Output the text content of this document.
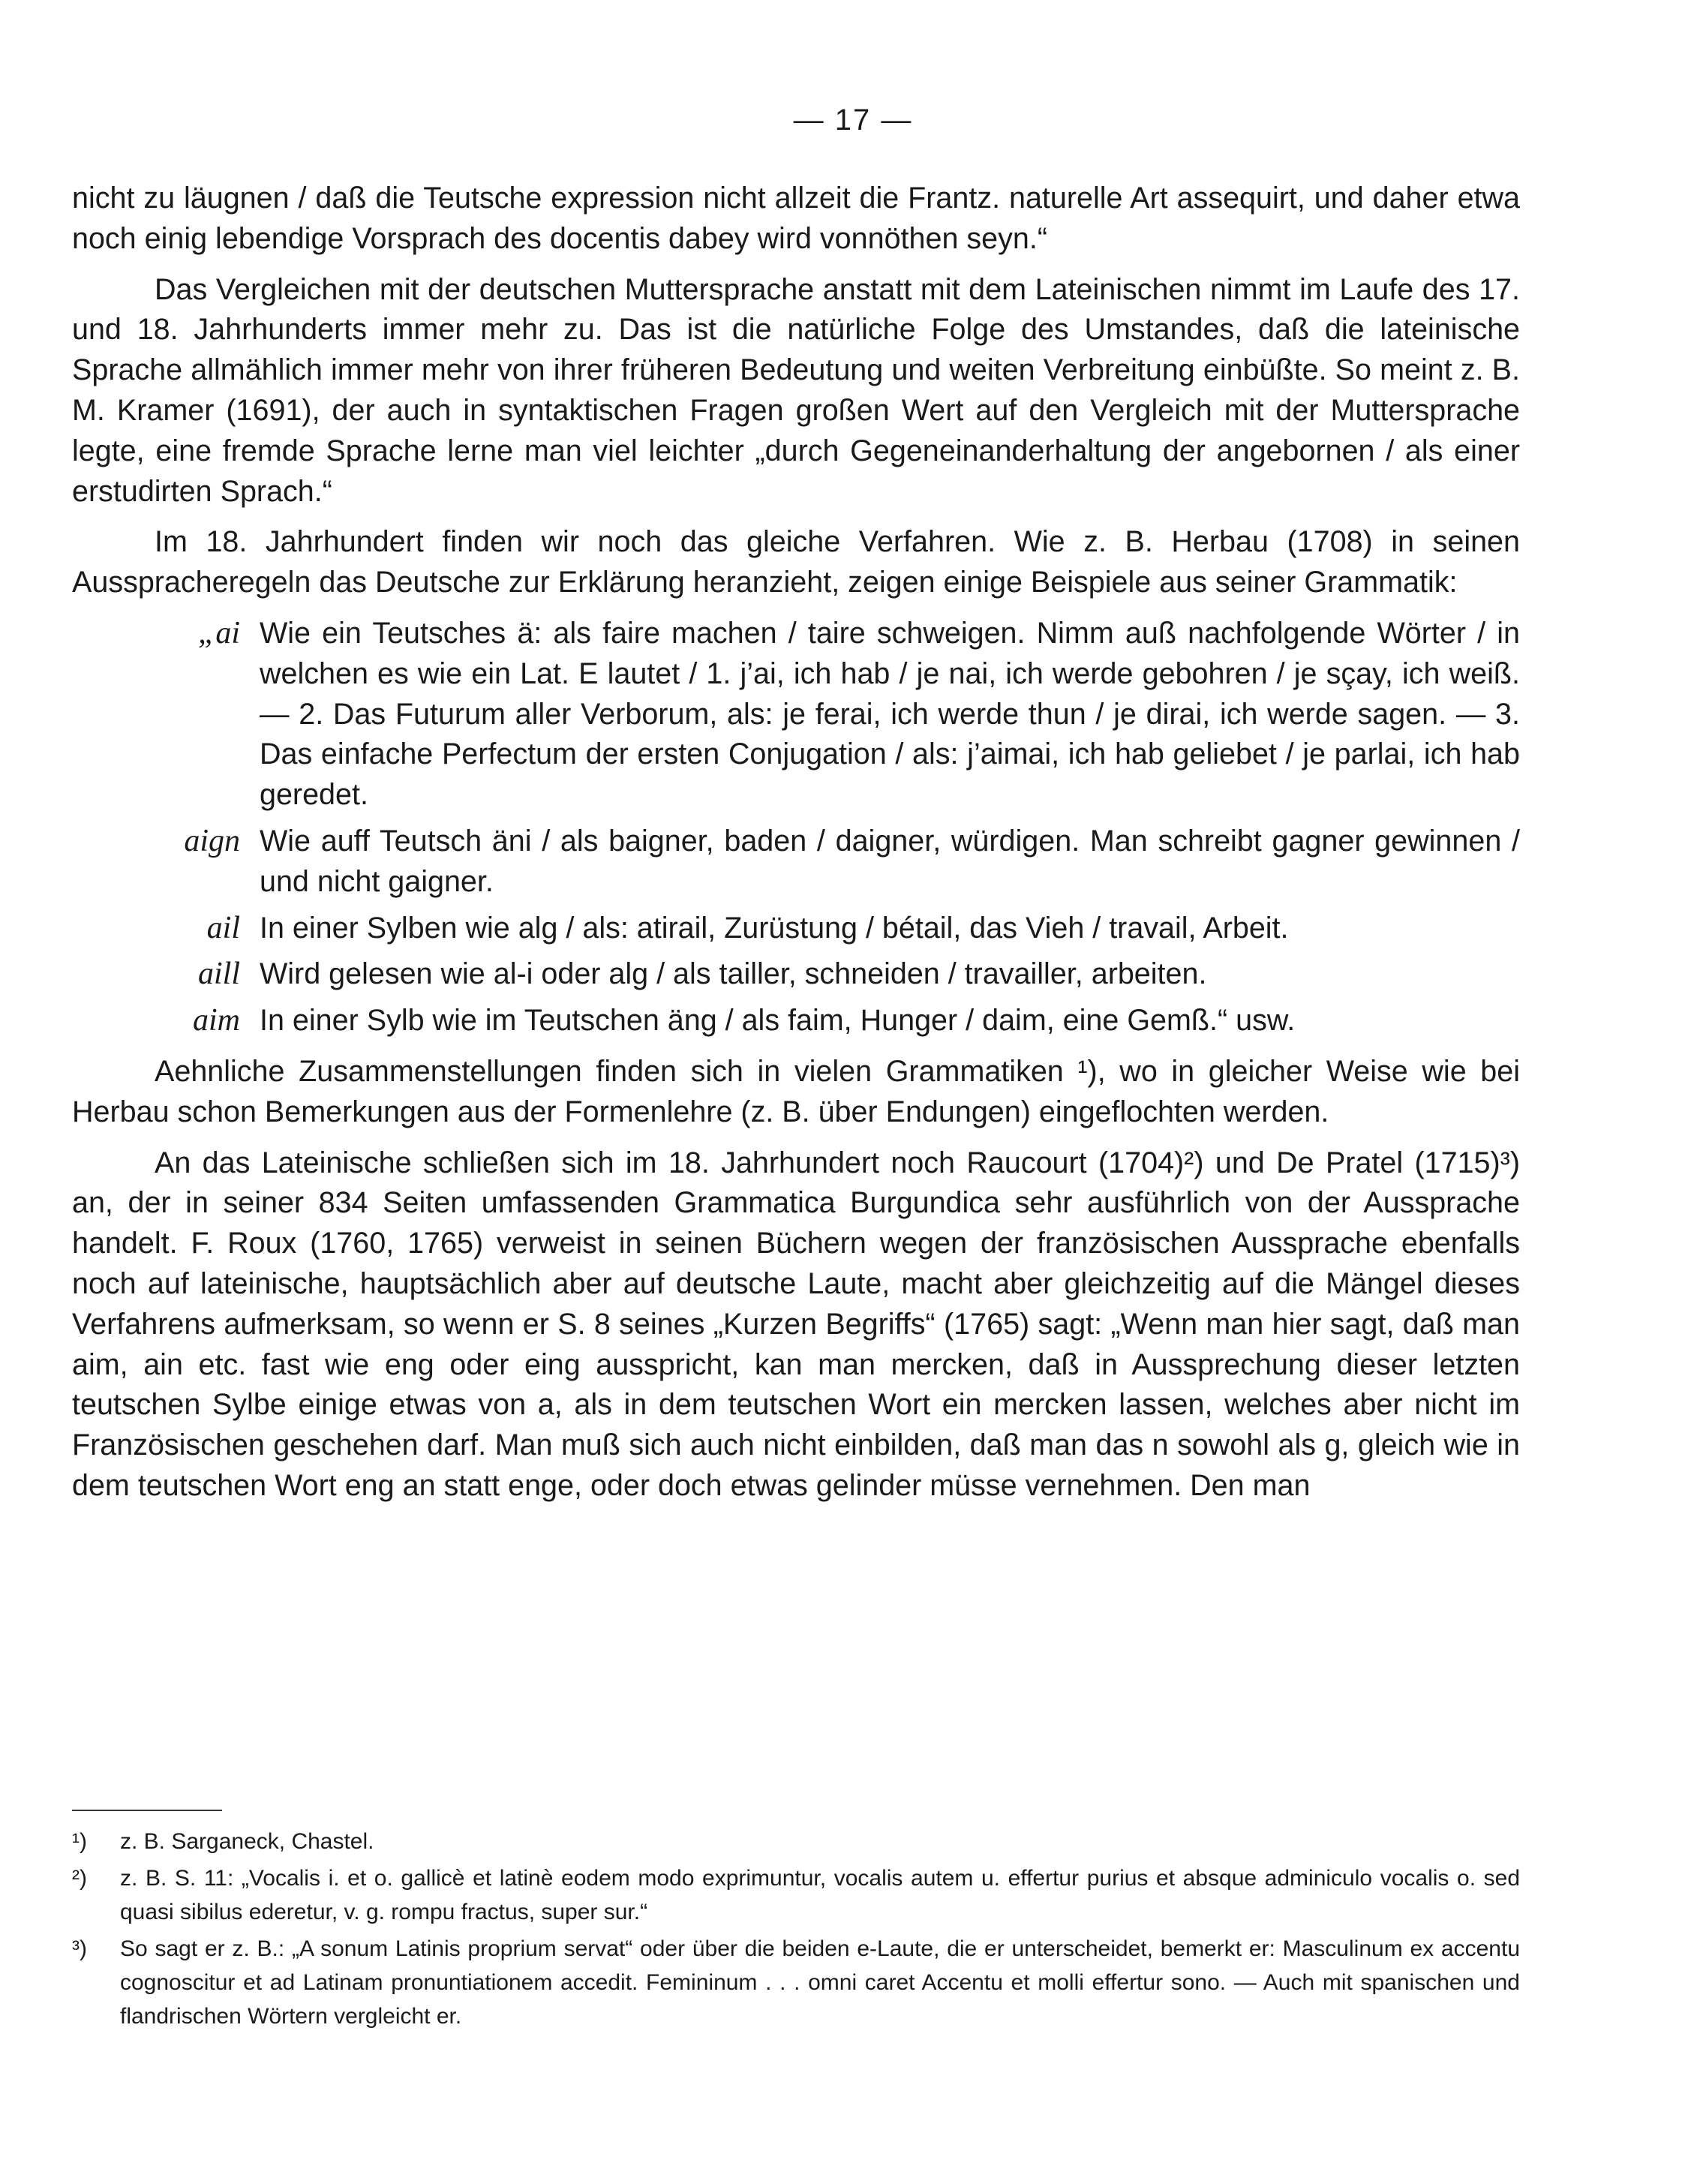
— 17 —

nicht zu läugnen / daß die Teutsche expression nicht allzeit die Frantz. naturelle Art assequirt, und daher etwa noch einig lebendige Vorsprach des docentis dabey wird vonnöthen seyn.“

Das Vergleichen mit der deutschen Muttersprache anstatt mit dem Lateinischen nimmt im Laufe des 17. und 18. Jahrhunderts immer mehr zu. Das ist die natürliche Folge des Umstandes, daß die lateinische Sprache allmählich immer mehr von ihrer früheren Bedeutung und weiten Verbreitung einbüßte. So meint z. B. M. Kramer (1691), der auch in syntaktischen Fragen großen Wert auf den Vergleich mit der Muttersprache legte, eine fremde Sprache lerne man viel leichter „durch Gegeneinanderhaltung der angebornen / als einer erstudirten Sprach.“

Im 18. Jahrhundert finden wir noch das gleiche Verfahren. Wie z. B. Herbau (1708) in seinen Ausspracheregeln das Deutsche zur Erklärung heranzieht, zeigen einige Beispiele aus seiner Grammatik:

„ai Wie ein Teutsches ä: als faire machen / taire schweigen. Nimm auß nachfolgende Wörter / in welchen es wie ein Lat. E lautet / 1. j’ai, ich hab / je nai, ich werde gebohren / je sçay, ich weiß. — 2. Das Futurum aller Verborum, als: je ferai, ich werde thun / je dirai, ich werde sagen. — 3. Das einfache Perfectum der ersten Conjugation / als: j’aimai, ich hab geliebet / je parlai, ich hab geredet.
aign Wie auff Teutsch äni / als baigner, baden / daigner, würdigen. Man schreibt gagner gewinnen / und nicht gaigner.
ail In einer Sylben wie alg / als: atirail, Zurüstung / bétail, das Vieh / travail, Arbeit.
aill Wird gelesen wie al-i oder alg / als tailler, schneiden / travailler, arbeiten.
aim In einer Sylb wie im Teutschen äng / als faim, Hunger / daim, eine Gemß.“ usw.

Aehnliche Zusammenstellungen finden sich in vielen Grammatiken ¹), wo in gleicher Weise wie bei Herbau schon Bemerkungen aus der Formenlehre (z. B. über Endungen) eingeflochten werden.

An das Lateinische schließen sich im 18. Jahrhundert noch Raucourt (1704)²) und De Pratel (1715)³) an, der in seiner 834 Seiten umfassenden Grammatica Burgundica sehr ausführlich von der Aussprache handelt. F. Roux (1760, 1765) verweist in seinen Büchern wegen der französischen Aussprache ebenfalls noch auf lateinische, hauptsächlich aber auf deutsche Laute, macht aber gleichzeitig auf die Mängel dieses Verfahrens aufmerksam, so wenn er S. 8 seines „Kurzen Begriffs“ (1765) sagt: „Wenn man hier sagt, daß man aim, ain etc. fast wie eng oder eing ausspricht, kan man mercken, daß in Aussprechung dieser letzten teutschen Sylbe einige etwas von a, als in dem teutschen Wort ein mercken lassen, welches aber nicht im Französischen geschehen darf. Man muß sich auch nicht einbilden, daß man das n sowohl als g, gleich wie in dem teutschen Wort eng an statt enge, oder doch etwas gelinder müsse vernehmen. Den man

¹)	z. B. Sarganeck, Chastel.
²)	z. B. S. 11: „Vocalis i. et o. gallicè et latinè eodem modo exprimuntur, vocalis autem u. effertur purius et absque adminiculo vocalis o. sed quasi sibilus ederetur, v. g. rompu fractus, super sur.“
³)	So sagt er z. B.: „A sonum Latinis proprium servat“ oder über die beiden e-Laute, die er unterscheidet, bemerkt er: Masculinum ex accentu cognoscitur et ad Latinam pronuntiationem accedit. Femininum . . . omni caret Accentu et molli effertur sono. — Auch mit spanischen und flandrischen Wörtern vergleicht er.
